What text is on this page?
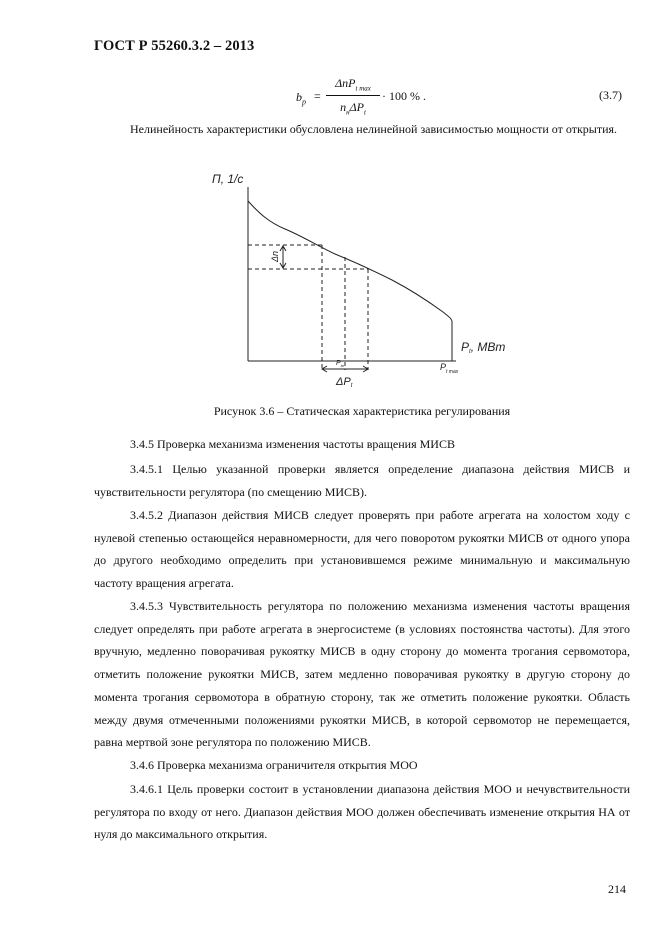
ГОСТ Р 55260.3.2 – 2013
$b_p$ =
ΔnP$_{t max}$
$n_н\Delta P_t$
· 100 % .	(3.7)
Нелинейность характеристики обусловлена нелинейной зависимостью мощности от открытия.
П, 1/с
Δn
Pt, МВт
$P_{t max}$
$P_{to}$
ΔPt
Рисунок 3.6 – Статическая характеристика регулирования
3.4.5 Проверка механизма изменения частоты вращения МИСВ
3.4.5.1 Целью указанной проверки является определение диапазона действия МИСВ и чувствительности регулятора (по смещению МИСВ).
3.4.5.2 Диапазон действия МИСВ следует проверять при работе агрегата на холостом ходу с нулевой степенью остающейся неравномерности, для чего поворотом рукоятки МИСВ от одного упора до другого необходимо определить при установившемся режиме минимальную и максимальную частоту вращения агрегата.
3.4.5.3 Чувствительность регулятора по положению механизма изменения частоты вращения следует определять при работе агрегата в энергосистеме (в условиях постоянства частоты). Для этого вручную, медленно поворачивая рукоятку МИСВ в одну сторону до момента трогания сервомотора, отметить положение рукоятки МИСВ, затем медленно поворачивая рукоятку в другую сторону до момента трогания сервомотора в обратную сторону, так же отметить положение рукоятки. Область между двумя отмеченными положениями рукоятки МИСВ, в которой сервомотор не перемещается, равна мертвой зоне регулятора по положению МИСВ.
3.4.6 Проверка механизма ограничителя открытия МОО
3.4.6.1 Цель проверки состоит в установлении диапазона действия МОО и нечувствительности регулятора по входу от него. Диапазон действия МОО должен обеспечивать изменение открытия НА от нуля до максимального открытия.
214
